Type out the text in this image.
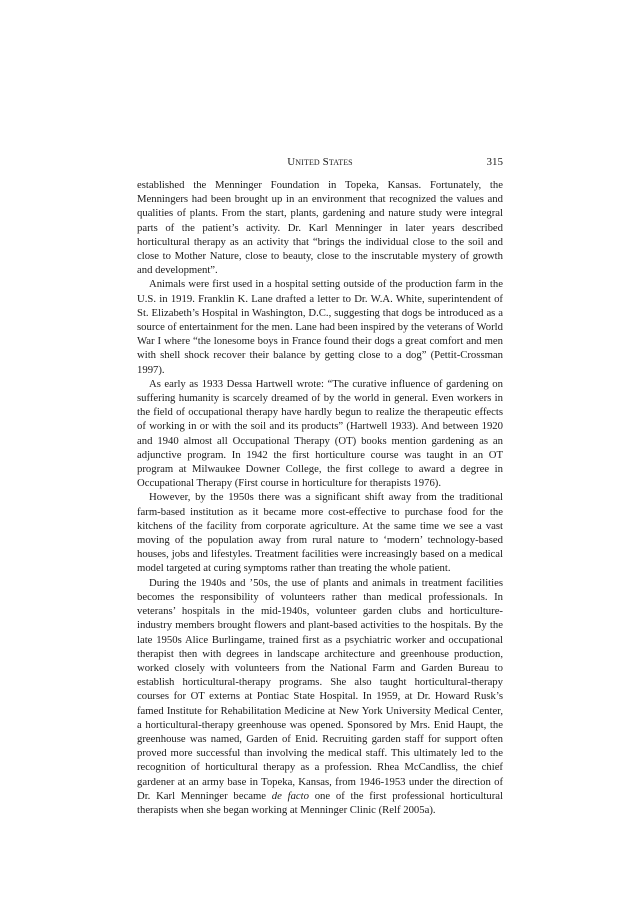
United States	315

established the Menninger Foundation in Topeka, Kansas. Fortunately, the Menningers had been brought up in an environment that recognized the values and qualities of plants. From the start, plants, gardening and nature study were integral parts of the patient’s activity. Dr. Karl Menninger in later years described horticultural therapy as an activity that “brings the individual close to the soil and close to Mother Nature, close to beauty, close to the inscrutable mystery of growth and development”.

Animals were first used in a hospital setting outside of the production farm in the U.S. in 1919. Franklin K. Lane drafted a letter to Dr. W.A. White, superintendent of St. Elizabeth’s Hospital in Washington, D.C., suggesting that dogs be introduced as a source of entertainment for the men. Lane had been inspired by the veterans of World War I where “the lonesome boys in France found their dogs a great comfort and men with shell shock recover their balance by getting close to a dog” (Pettit-Crossman 1997).

As early as 1933 Dessa Hartwell wrote: “The curative influence of gardening on suffering humanity is scarcely dreamed of by the world in general. Even workers in the field of occupational therapy have hardly begun to realize the therapeutic effects of working in or with the soil and its products” (Hartwell 1933). And between 1920 and 1940 almost all Occupational Therapy (OT) books mention gardening as an adjunctive program. In 1942 the first horticulture course was taught in an OT program at Milwaukee Downer College, the first college to award a degree in Occupational Therapy (First course in horticulture for therapists 1976).

However, by the 1950s there was a significant shift away from the traditional farm-based institution as it became more cost-effective to purchase food for the kitchens of the facility from corporate agriculture. At the same time we see a vast moving of the population away from rural nature to ‘modern’ technology-based houses, jobs and lifestyles. Treatment facilities were increasingly based on a medical model targeted at curing symptoms rather than treating the whole patient.

During the 1940s and ’50s, the use of plants and animals in treatment facilities becomes the responsibility of volunteers rather than medical professionals. In veterans’ hospitals in the mid-1940s, volunteer garden clubs and horticulture-industry members brought flowers and plant-based activities to the hospitals. By the late 1950s Alice Burlingame, trained first as a psychiatric worker and occupational therapist then with degrees in landscape architecture and greenhouse production, worked closely with volunteers from the National Farm and Garden Bureau to establish horticultural-therapy programs. She also taught horticultural-therapy courses for OT externs at Pontiac State Hospital. In 1959, at Dr. Howard Rusk’s famed Institute for Rehabilitation Medicine at New York University Medical Center, a horticultural-therapy greenhouse was opened. Sponsored by Mrs. Enid Haupt, the greenhouse was named, Garden of Enid. Recruiting garden staff for support often proved more successful than involving the medical staff. This ultimately led to the recognition of horticultural therapy as a profession. Rhea McCandliss, the chief gardener at an army base in Topeka, Kansas, from 1946-1953 under the direction of Dr. Karl Menninger became de facto one of the first professional horticultural therapists when she began working at Menninger Clinic (Relf 2005a).
